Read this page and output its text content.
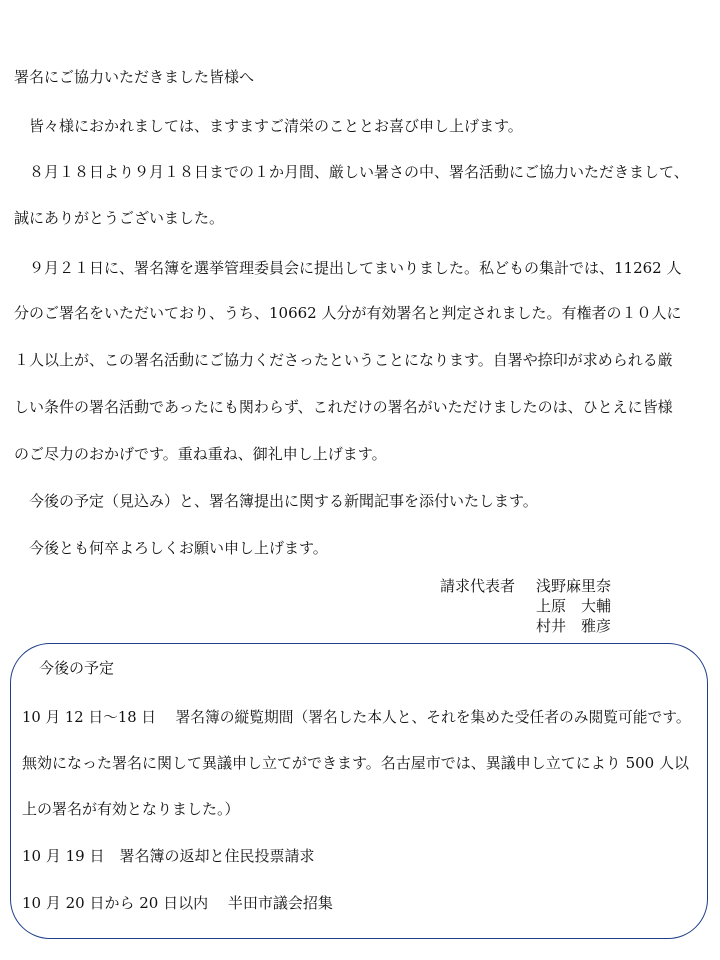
署名にご協力いただきました皆様へ

　皆々様におかれましては、ますますご清栄のこととお喜び申し上げます。

　８月１８日より９月１８日までの１か月間、厳しい暑さの中、署名活動にご協力いただきまして、

誠にありがとうございました。

　９月２１日に、署名簿を選挙管理委員会に提出してまいりました。私どもの集計では、11262 人

分のご署名をいただいており、うち、10662 人分が有効署名と判定されました。有権者の１０人に

１人以上が、この署名活動にご協力くださったということになります。自署や捺印が求められる厳

しい条件の署名活動であったにも関わらず、これだけの署名がいただけましたのは、ひとえに皆様

のご尽力のおかげです。重ね重ね、御礼申し上げます。

　今後の予定（見込み）と、署名簿提出に関する新聞記事を添付いたします。

　今後とも何卒よろしくお願い申し上げます。

請求代表者 浅野麻里奈
上原　大輔
村井　雅彦

今後の予定

10 月 12 日〜18 日　 署名簿の縦覧期間（署名した本人と、それを集めた受任者のみ閲覧可能です。

無効になった署名に関して異議申し立てができます。名古屋市では、異議申し立てにより 500 人以

上の署名が有効となりました。）

10 月 19 日　署名簿の返却と住民投票請求

10 月 20 日から 20 日以内　 半田市議会招集
